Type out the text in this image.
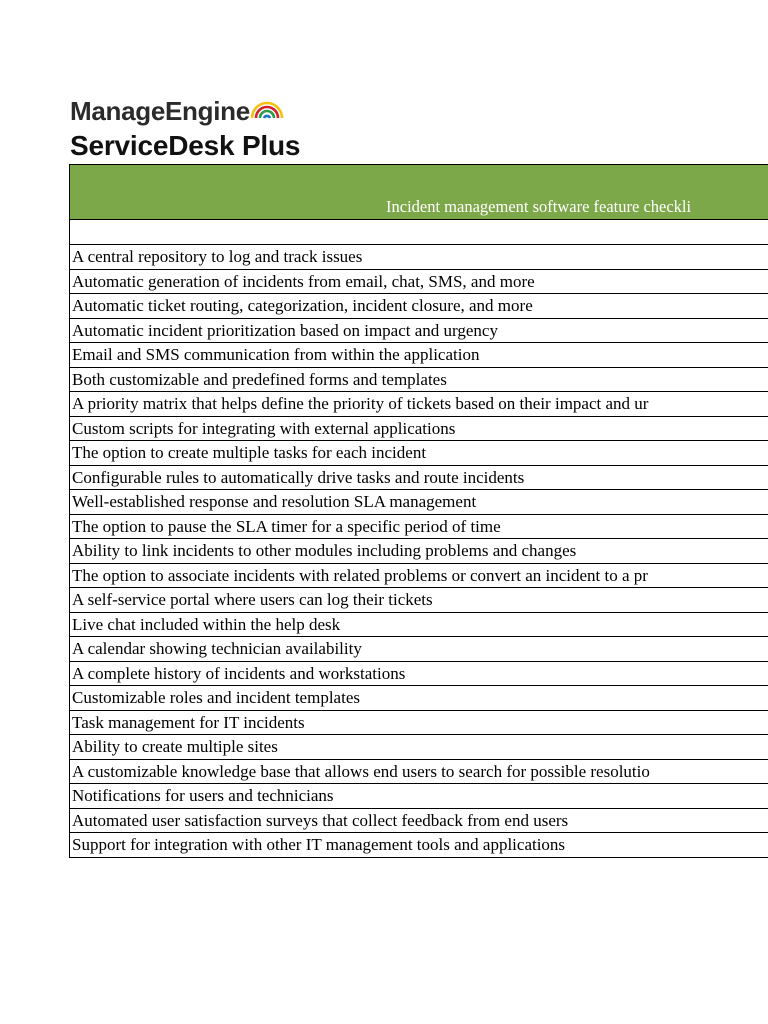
ManageEngine
ServiceDesk Plus
Incident management software feature checkli
A central repository to log and track issues
Automatic generation of incidents from email, chat, SMS, and more
Automatic ticket routing, categorization, incident closure, and more
Automatic incident prioritization based on impact and urgency
Email and SMS communication from within the application
Both customizable and predefined forms and templates
A priority matrix that helps define the priority of tickets based on their impact and ur
Custom scripts for integrating with external applications
The option to create multiple tasks for each incident
Configurable rules to automatically drive tasks and route incidents
Well-established response and resolution SLA management
The option to pause the SLA timer for a specific period of time
Ability to link incidents to other modules including problems and changes
The option to associate incidents with related problems or convert an incident to a pr
A self-service portal where users can log their tickets
Live chat included within the help desk
A calendar showing technician availability
A complete history of incidents and workstations
Customizable roles and incident templates
Task management for IT incidents
Ability to create multiple sites
A customizable knowledge base that allows end users to search for possible resolutio
Notifications for users and technicians
Automated user satisfaction surveys that collect feedback from end users
Support for integration with other IT management tools and applications
